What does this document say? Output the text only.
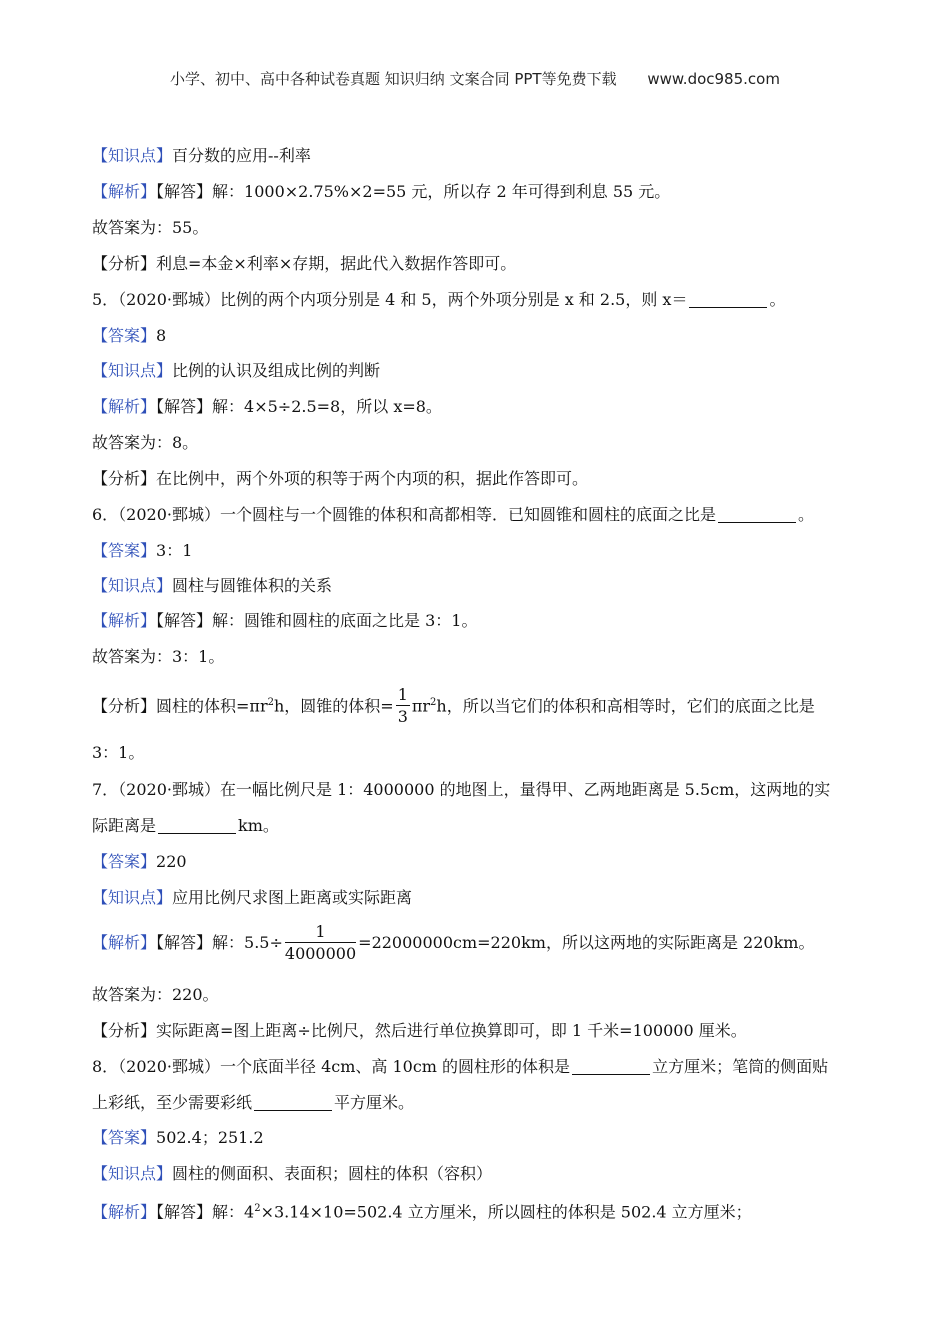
小学、初中、高中各种试卷真题 知识归纳 文案合同 PPT等免费下载 www.doc985.com
【知识点】百分数的应用--利率
【解析】【解答】解：1000×2.75%×2=55 元，所以存 2 年可得到利息 55 元。
故答案为：55。
【分析】利息=本金×利率×存期，据此代入数据作答即可。
5．（2020·鄄城）比例的两个内项分别是 4 和 5，两个外项分别是 x 和 2.5，则 x＝	。
【答案】8
【知识点】比例的认识及组成比例的判断
【解析】【解答】解：4×5÷2.5=8，所以 x=8。
故答案为：8。
【分析】在比例中，两个外项的积等于两个内项的积，据此作答即可。
6．（2020·鄄城）一个圆柱与一个圆锥的体积和高都相等．已知圆锥和圆柱的底面之比是	。
【答案】3：1
【知识点】圆柱与圆锥体积的关系
【解析】【解答】解：圆锥和圆柱的底面之比是 3：1。
故答案为：3：1。
【分析】圆柱的体积$=\pi r^2h$，圆锥的体积= $\frac{1}{3} \pi r^2h$，所以当它们的体积和高相等时，它们的底面之比是
3：1。
7．（2020·鄄城）在一幅比例尺是 1：4000000 的地图上，量得甲、乙两地距离是 5.5cm，这两地的实
际距离是	km。
【答案】220
【知识点】应用比例尺求图上距离或实际距离
【解析】【解答】解：$5.5\div \frac{1}{4000000} =22000000cm=220km$，所以这两地的实际距离是 220km。
故答案为：220。
【分析】实际距离=图上距离÷比例尺，然后进行单位换算即可，即 1 千米=100000 厘米。
8．（2020·鄄城）一个底面半径 4cm、高 10cm 的圆柱形的体积是	立方厘米；笔筒的侧面贴
上彩纸，至少需要彩纸	平方厘米。
【答案】502.4；251.2
【知识点】圆柱的侧面积、表面积；圆柱的体积（容积）
【解析】【解答】解：$4^2\times 3.14\times 10=502.4$ 立方厘米，所以圆柱的体积是 502.4 立方厘米；
